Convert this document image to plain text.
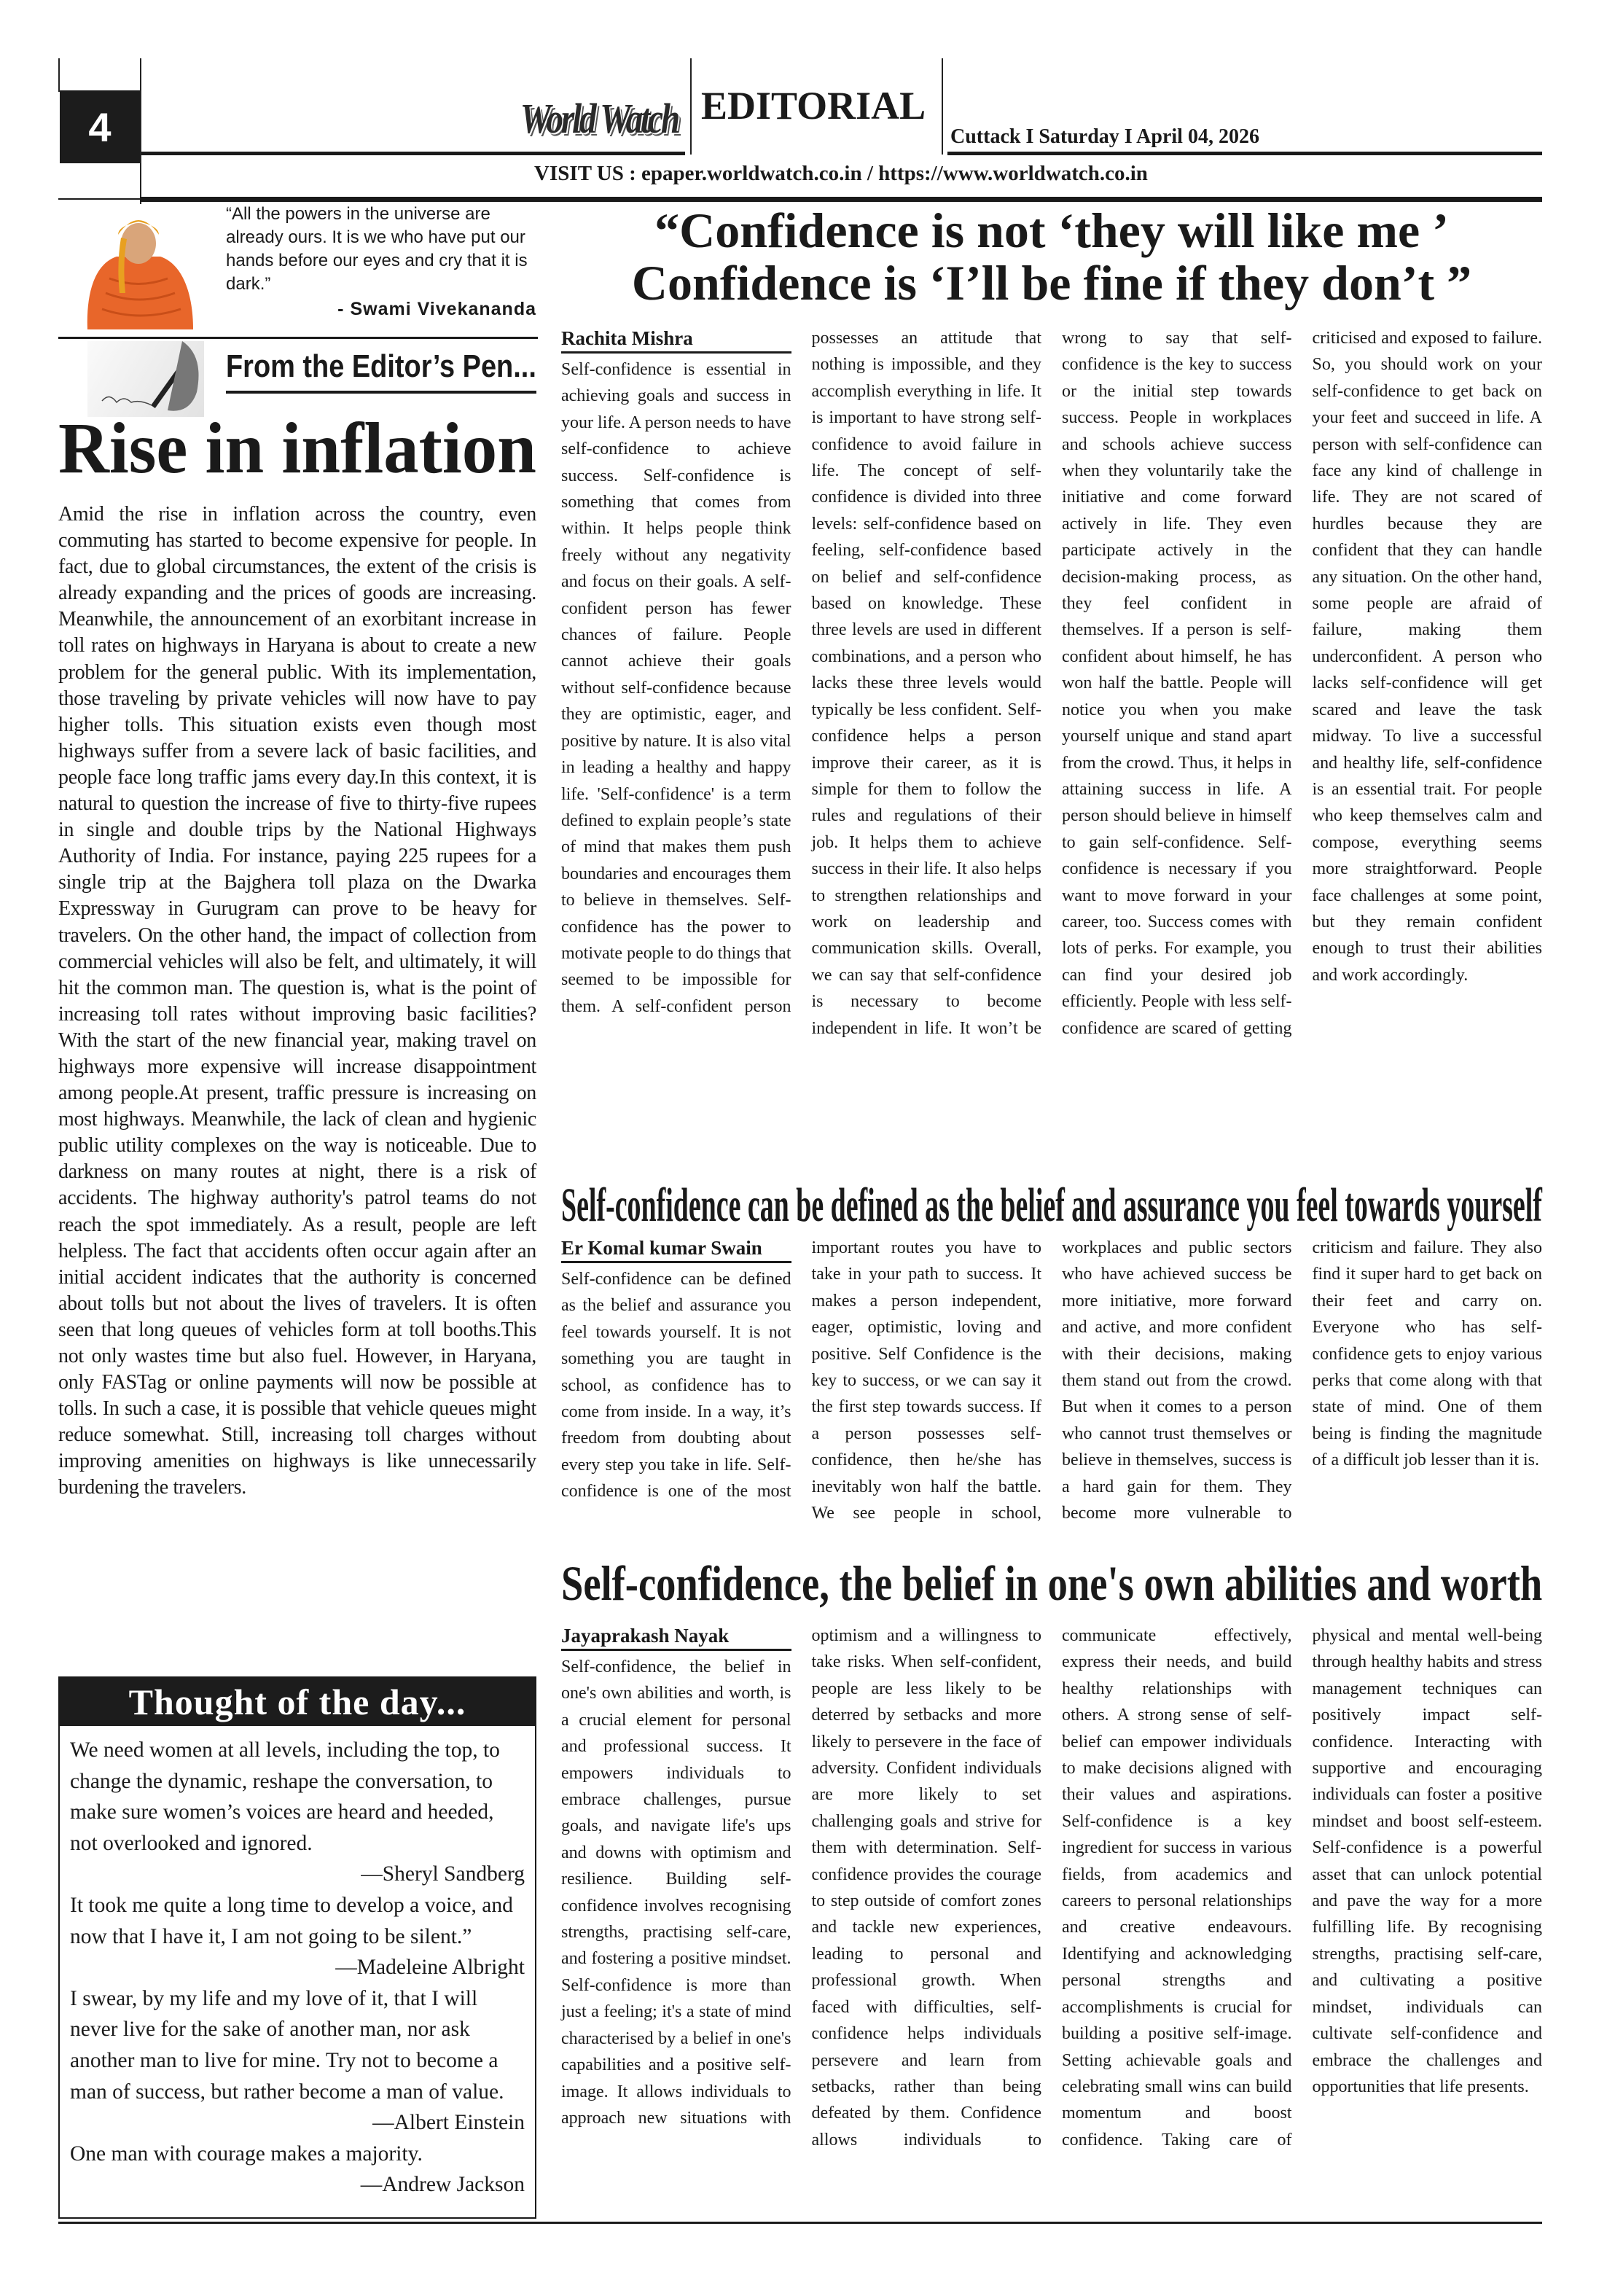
4	World Watch EDITORIAL
Cuttack I Saturday I April 04, 2026
VISIT US : epaper.worldwatch.co.in / https://www.worldwatch.co.in
“All the powers in the universe are already ours. It is we who have put our hands before our eyes and cry that it is dark.”
- Swami Vivekananda
From the Editor’s Pen...
Rise in inflation
Amid the rise in inflation across the country, even commuting has started to become expensive for people. In fact, due to global circumstances, the extent of the crisis is already expanding and the prices of goods are increasing. Meanwhile, the announcement of an exorbitant increase in toll rates on highways in Haryana is about to create a new problem for the general public. With its implementation, those traveling by private vehicles will now have to pay higher tolls. This situation exists even though most highways suffer from a severe lack of basic facilities, and people face long traffic jams every day.In this context, it is natural to question the increase of five to thirty-five rupees in single and double trips by the National Highways Authority of India. For instance, paying 225 rupees for a single trip at the Bajghera toll plaza on the Dwarka Expressway in Gurugram can prove to be heavy for travelers. On the other hand, the impact of collection from commercial vehicles will also be felt, and ultimately, it will hit the common man. The question is, what is the point of increasing toll rates without improving basic facilities? With the start of the new financial year, making travel on highways more expensive will increase disappointment among people.At present, traffic pressure is increasing on most highways. Meanwhile, the lack of clean and hygienic public utility complexes on the way is noticeable. Due to darkness on many routes at night, there is a risk of accidents. The highway authority's patrol teams do not reach the spot immediately. As a result, people are left helpless. The fact that accidents often occur again after an initial accident indicates that the authority is concerned about tolls but not about the lives of travelers. It is often seen that long queues of vehicles form at toll booths.This not only wastes time but also fuel. However, in Haryana, only FASTag or online payments will now be possible at tolls. In such a case, it is possible that vehicle queues might reduce somewhat. Still, increasing toll charges without improving amenities on highways is like unnecessarily burdening the travelers.
Thought of the day...
We need women at all levels, including the top, to change the dynamic, reshape the conversation, to make sure women’s voices are heard and heeded, not overlooked and ignored.
—Sheryl Sandberg
It took me quite a long time to develop a voice, and now that I have it, I am not going to be silent.”
—Madeleine Albright
I swear, by my life and my love of it, that I will never live for the sake of another man, nor ask another man to live for mine. Try not to become a man of success, but rather become a man of value.
—Albert Einstein
One man with courage makes a majority.
—Andrew Jackson
“Confidence is not ‘they will like me ’
Confidence is ‘I’ll be fine if they don’t ”
Rachita Mishra
Self-confidence is essential in achieving goals and success in your life. A person needs to have self-confidence to achieve success. Self-confidence is something that comes from within. It helps people think freely without any negativity and focus on their goals. A self-confident person has fewer chances of failure. People cannot achieve their goals without self-confidence because they are optimistic, eager, and positive by nature. It is also vital in leading a healthy and happy life. 'Self-confidence' is a term defined to explain people’s state of mind that makes them push boundaries and encourages them to believe in themselves. Self-confidence has the power to motivate people to do things that seemed to be impossible for them. A self-confident person possesses an attitude that nothing is impossible, and they accomplish everything in life. It is important to have strong self-confidence to avoid failure in life. The concept of self-confidence is divided into three levels: self-confidence based on feeling, self-confidence based on belief and self-confidence based on knowledge. These three levels are used in different combinations, and a person who lacks these three levels would typically be less confident. Self-confidence helps a person improve their career, as it is simple for them to follow the rules and regulations of their job. It helps them to achieve success in their life. It also helps to strengthen relationships and work on leadership and communication skills. Overall, we can say that self-confidence is necessary to become independent in life. It won’t be wrong to say that self-confidence is the key to success or the initial step towards success. People in workplaces and schools achieve success when they voluntarily take the initiative and come forward actively in life. They even participate actively in the decision-making process, as they feel confident in themselves. If a person is self-confident about himself, he has won half the battle. People will notice you when you make yourself unique and stand apart from the crowd. Thus, it helps in attaining success in life. A person should believe in himself to gain self-confidence. Self-confidence is necessary if you want to move forward in your career, too. Success comes with lots of perks. For example, you can find your desired job efficiently. People with less self-confidence are scared of getting criticised and exposed to failure. So, you should work on your self-confidence to get back on your feet and succeed in life. A person with self-confidence can face any kind of challenge in life. They are not scared of hurdles because they are confident that they can handle any situation. On the other hand, some people are afraid of failure, making them underconfident. A person who lacks self-confidence will get scared and leave the task midway. To live a successful and healthy life, self-confidence is an essential trait. For people who keep themselves calm and compose, everything seems more straightforward. People face challenges at some point, but they remain confident enough to trust their abilities and work accordingly.
Self-confidence can be defined as the belief and assurance you feel towards yourself
Er Komal kumar Swain
Self-confidence can be defined as the belief and assurance you feel towards yourself. It is not something you are taught in school, as confidence has to come from inside. In a way, it’s freedom from doubting about every step you take in life. Self-confidence is one of the most important routes you have to take in your path to success. It makes a person independent, eager, optimistic, loving and positive. Self Confidence is the key to success, or we can say it the first step towards success. If a person possesses self-confidence, then he/she has inevitably won half the battle. We see people in school, workplaces and public sectors who have achieved success be more initiative, more forward and active, and more confident with their decisions, making them stand out from the crowd. But when it comes to a person who cannot trust themselves or believe in themselves, success is a hard gain for them. They become more vulnerable to criticism and failure. They also find it super hard to get back on their feet and carry on. Everyone who has self-confidence gets to enjoy various perks that come along with that state of mind. One of them being is finding the magnitude of a difficult job lesser than it is.
Self-confidence, the belief in one's own abilities and worth
Jayaprakash Nayak
Self-confidence, the belief in one's own abilities and worth, is a crucial element for personal and professional success. It empowers individuals to embrace challenges, pursue goals, and navigate life's ups and downs with optimism and resilience. Building self-confidence involves recognising strengths, practising self-care, and fostering a positive mindset. Self-confidence is more than just a feeling; it's a state of mind characterised by a belief in one's capabilities and a positive self-image. It allows individuals to approach new situations with optimism and a willingness to take risks. When self-confident, people are less likely to be deterred by setbacks and more likely to persevere in the face of adversity. Confident individuals are more likely to set challenging goals and strive for them with determination. Self-confidence provides the courage to step outside of comfort zones and tackle new experiences, leading to personal and professional growth. When faced with difficulties, self-confidence helps individuals persevere and learn from setbacks, rather than being defeated by them. Confidence allows individuals to communicate effectively, express their needs, and build healthy relationships with others. A strong sense of self-belief can empower individuals to make decisions aligned with their values and aspirations. Self-confidence is a key ingredient for success in various fields, from academics and careers to personal relationships and creative endeavours. Identifying and acknowledging personal strengths and accomplishments is crucial for building a positive self-image. Setting achievable goals and celebrating small wins can build momentum and boost confidence. Taking care of physical and mental well-being through healthy habits and stress management techniques can positively impact self-confidence. Interacting with supportive and encouraging individuals can foster a positive mindset and boost self-esteem. Self-confidence is a powerful asset that can unlock potential and pave the way for a more fulfilling life. By recognising strengths, practising self-care, and cultivating a positive mindset, individuals can cultivate self-confidence and embrace the challenges and opportunities that life presents.
